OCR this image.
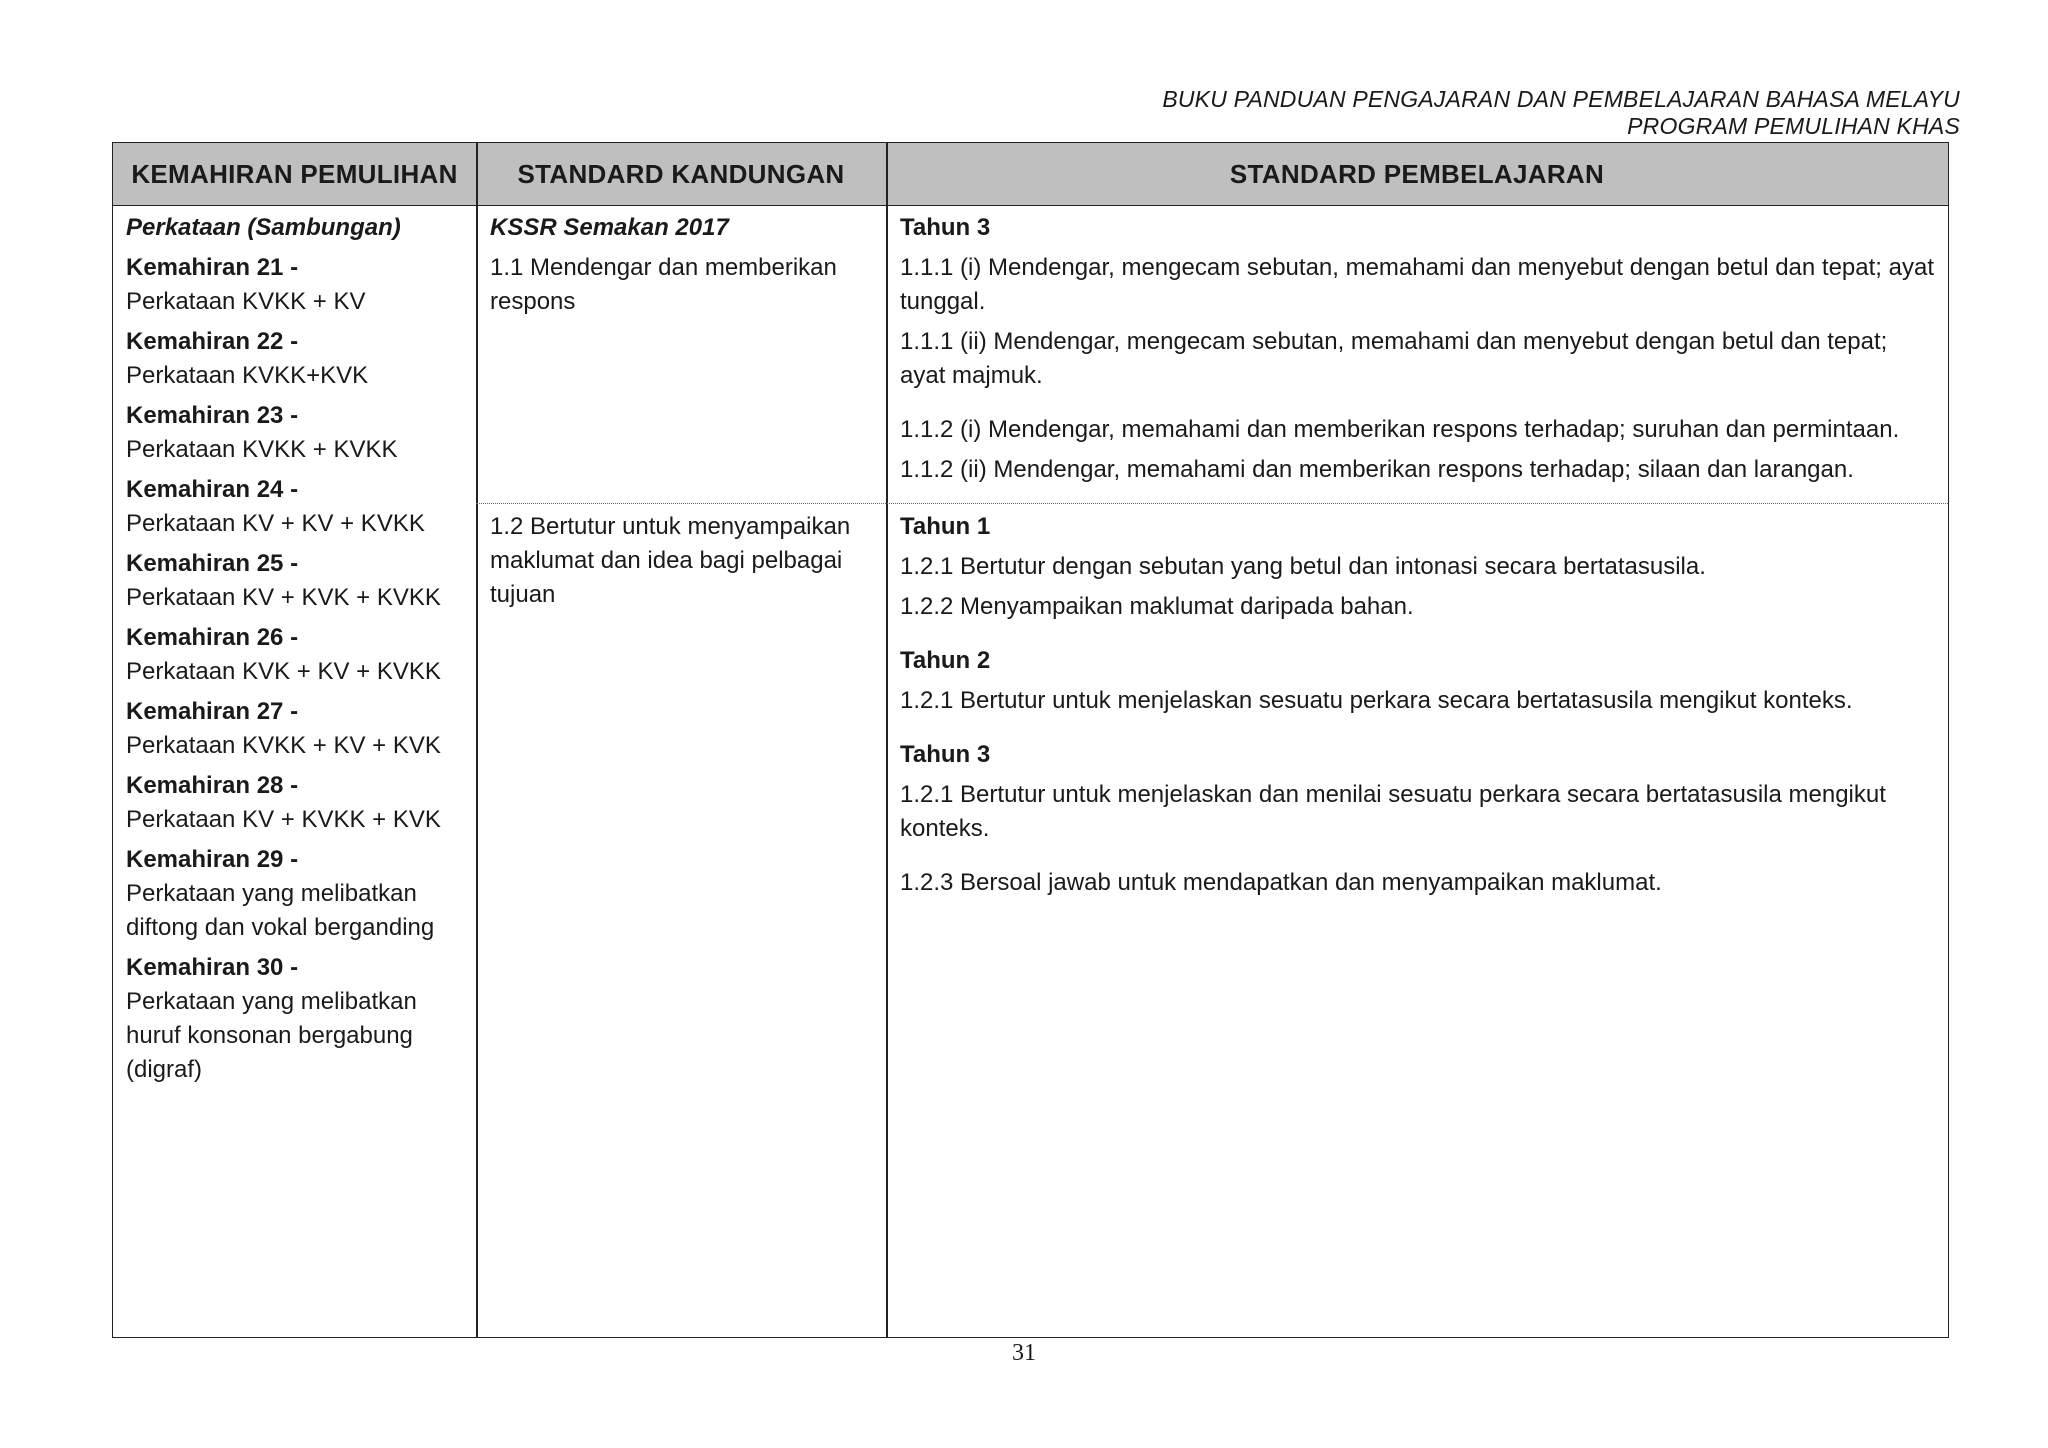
BUKU PANDUAN PENGAJARAN DAN PEMBELAJARAN BAHASA MELAYU
PROGRAM PEMULIHAN KHAS
KEMAHIRAN PEMULIHAN	STANDARD KANDUNGAN	STANDARD PEMBELAJARAN

Perkataan (Sambungan)

Kemahiran 21 -

Perkataan KVKK + KV

Kemahiran 22 -

Perkataan KVKK+KVK

Kemahiran 23 -

Perkataan KVKK + KVKK

Kemahiran 24 -

Perkataan KV + KV + KVKK

Kemahiran 25 -

Perkataan KV + KVK + KVKK

Kemahiran 26 -

Perkataan KVK + KV + KVKK

Kemahiran 27 -

Perkataan KVKK + KV + KVK

Kemahiran 28 -

Perkataan KV + KVKK + KVK

Kemahiran 29 -

Perkataan yang melibatkan diftong dan vokal berganding

Kemahiran 30 -

Perkataan yang melibatkan huruf konsonan bergabung (digraf)

KSSR Semakan 2017

1.1 Mendengar dan memberikan respons

Tahun 3

1.1.1 (i) Mendengar, mengecam sebutan, memahami dan menyebut dengan betul dan tepat; ayat tunggal.

1.1.1 (ii) Mendengar, mengecam sebutan, memahami dan menyebut dengan betul dan tepat; ayat majmuk.

1.1.2 (i) Mendengar, memahami dan memberikan respons terhadap; suruhan dan permintaan.

1.1.2 (ii) Mendengar, memahami dan memberikan respons terhadap; silaan dan larangan.

1.2 Bertutur untuk menyampaikan maklumat dan idea bagi pelbagai tujuan

Tahun 1

1.2.1 Bertutur dengan sebutan yang betul dan intonasi secara bertatasusila.

1.2.2 Menyampaikan maklumat daripada bahan.

Tahun 2

1.2.1 Bertutur untuk menjelaskan sesuatu perkara secara bertatasusila mengikut konteks.

Tahun 3

1.2.1 Bertutur untuk menjelaskan dan menilai sesuatu perkara secara bertatasusila mengikut konteks.

1.2.3 Bersoal jawab untuk mendapatkan dan menyampaikan maklumat.

31
